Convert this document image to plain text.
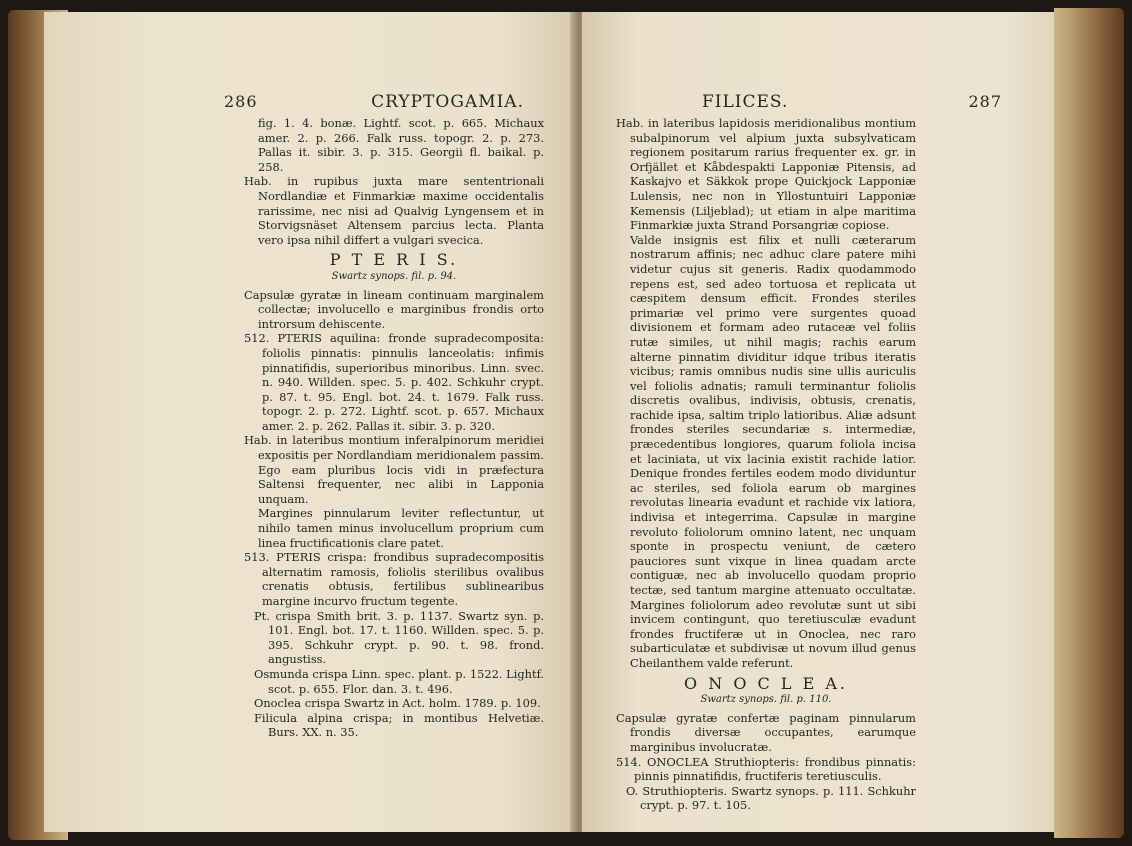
286	CRYPTOGAMIA.

fig. 1. 4. bonæ. Lightf. scot. p. 665. Michaux amer. 2. p. 266. Falk russ. topogr. 2. p. 273. Pallas it. sibir. 3. p. 315. Georgii fl. baikal. p. 258.

Hab. in rupibus juxta mare sententrionali Nordlandiæ et Finmarkiæ maxime occidentalis rarissime, nec nisi ad Qualvig Lyngensem et in Storvigsnäset Altensem parcius lecta. Planta vero ipsa nihil differt a vulgari svecica.

P T E R I S.

Swartz synops. fil. p. 94.

Capsulæ gyratæ in lineam continuam marginalem collectæ; involucello e marginibus frondis orto introrsum dehiscente.

512. PTERIS aquilina: fronde supradecomposita: foliolis pinnatis: pinnulis lanceolatis: infimis pinnatifidis, superioribus minoribus. Linn. svec. n. 940. Willden. spec. 5. p. 402. Schkuhr crypt. p. 87. t. 95. Engl. bot. 24. t. 1679. Falk russ. topogr. 2. p. 272. Lightf. scot. p. 657. Michaux amer. 2. p. 262. Pallas it. sibir. 3. p. 320.

Hab. in lateribus montium inferalpinorum meridiei expositis per Nordlandiam meridionalem passim. Ego eam pluribus locis vidi in præfectura Saltensi frequenter, nec alibi in Lapponia unquam.

Margines pinnularum leviter reflectuntur, ut nihilo tamen minus involucellum proprium cum linea fructificationis clare patet.

513. PTERIS crispa: frondibus supradecompositis alternatim ramosis, foliolis sterilibus ovalibus crenatis obtusis, fertilibus sublinearibus margine incurvo fructum tegente.

Pt. crispa Smith brit. 3. p. 1137. Swartz syn. p. 101. Engl. bot. 17. t. 1160. Willden. spec. 5. p. 395. Schkuhr crypt. p. 90. t. 98. frond. angustiss.

Osmunda crispa Linn. spec. plant. p. 1522. Lightf. scot. p. 655. Flor. dan. 3. t. 496.

Onoclea crispa Swartz in Act. holm. 1789. p. 109.

Filicula alpina crispa; in montibus Helvetiæ. Burs. XX. n. 35.

FILICES.	287

Hab. in lateribus lapidosis meridionalibus montium subalpinorum vel alpium juxta subsylvaticam regionem positarum rarius frequenter ex. gr. in Orfjället et Kåbdespakti Lapponiæ Pitensis, ad Kaskajvo et Säkkok prope Quickjock Lapponiæ Lulensis, nec non in Yllostuntuiri Lapponiæ Kemensis (Liljeblad); ut etiam in alpe maritima Finmarkiæ juxta Strand Porsangriæ copiose.

Valde insignis est filix et nulli cæterarum nostrarum affinis; nec adhuc clare patere mihi videtur cujus sit generis. Radix quodammodo repens est, sed adeo tortuosa et replicata ut cæspitem densum efficit. Frondes steriles primariæ vel primo vere surgentes quoad divisionem et formam adeo rutaceæ vel foliis rutæ similes, ut nihil magis; rachis earum alterne pinnatim dividitur idque tribus iteratis vicibus; ramis omnibus nudis sine ullis auriculis vel foliolis adnatis; ramuli terminantur foliolis discretis ovalibus, indivisis, obtusis, crenatis, rachide ipsa, saltim triplo latioribus. Aliæ adsunt frondes steriles secundariæ s. intermediæ, præcedentibus longiores, quarum foliola incisa et laciniata, ut vix lacinia existit rachide latior. Denique frondes fertiles eodem modo dividuntur ac steriles, sed foliola earum ob margines revolutas linearia evadunt et rachide vix latiora, indivisa et integerrima. Capsulæ in margine revoluto foliolorum omnino latent, nec unquam sponte in prospectu veniunt, de cætero pauciores sunt vixque in linea quadam arcte contiguæ, nec ab involucello quodam proprio tectæ, sed tantum margine attenuato occultatæ. Margines foliolorum adeo revolutæ sunt ut sibi invicem contingunt, quo teretiusculæ evadunt frondes fructiferæ ut in Onoclea, nec raro subarticulatæ et subdivisæ ut novum illud genus Cheilanthem valde referunt.

O N O C L E A.

Swartz synops. fil. p. 110.

Capsulæ gyratæ confertæ paginam pinnularum frondis diversæ occupantes, earumque marginibus involucratæ.

514. ONOCLEA Struthiopteris: frondibus pinnatis: pinnis pinnatifidis, fructiferis teretiusculis.

O. Struthiopteris. Swartz synops. p. 111. Schkuhr crypt. p. 97. t. 105.
